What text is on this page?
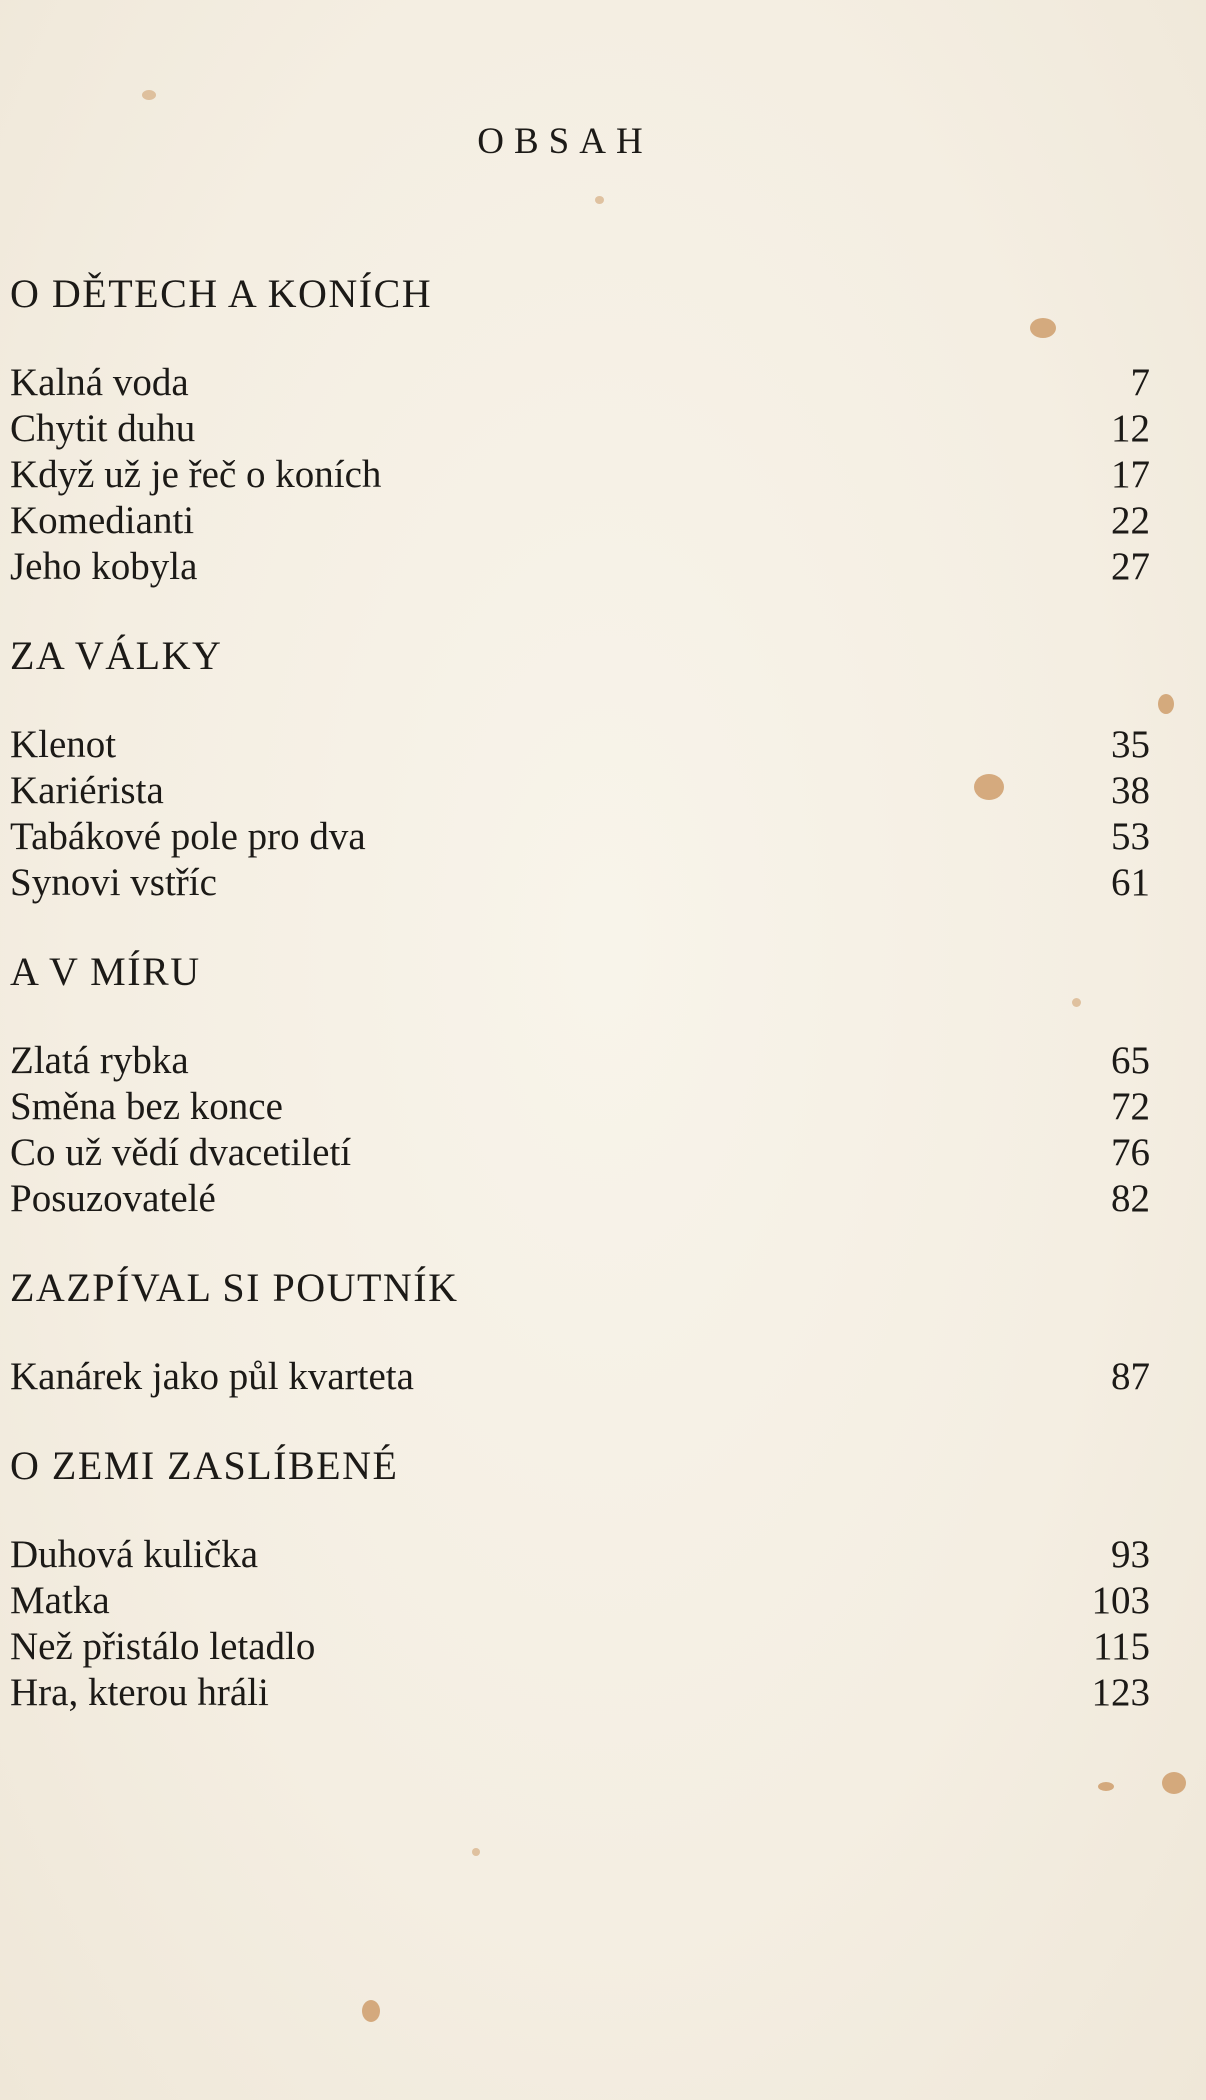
OBSAH
O DĚTECH A KONÍCH
Kalná voda	7
Chytit duhu	12
Když už je řeč o koních	17
Komedianti	22
Jeho kobyla	27
ZA VÁLKY
Klenot	35
Kariérista	38
Tabákové pole pro dva	53
Synovi vstříc	61
A V MÍRU
Zlatá rybka	65
Směna bez konce	72
Co už vědí dvacetiletí	76
Posuzovatelé	82
ZAZPÍVAL SI POUTNÍK
Kanárek jako půl kvarteta	87
O ZEMI ZASLÍBENÉ
Duhová kulička	93
Matka	103
Než přistálo letadlo	115
Hra, kterou hráli	123
